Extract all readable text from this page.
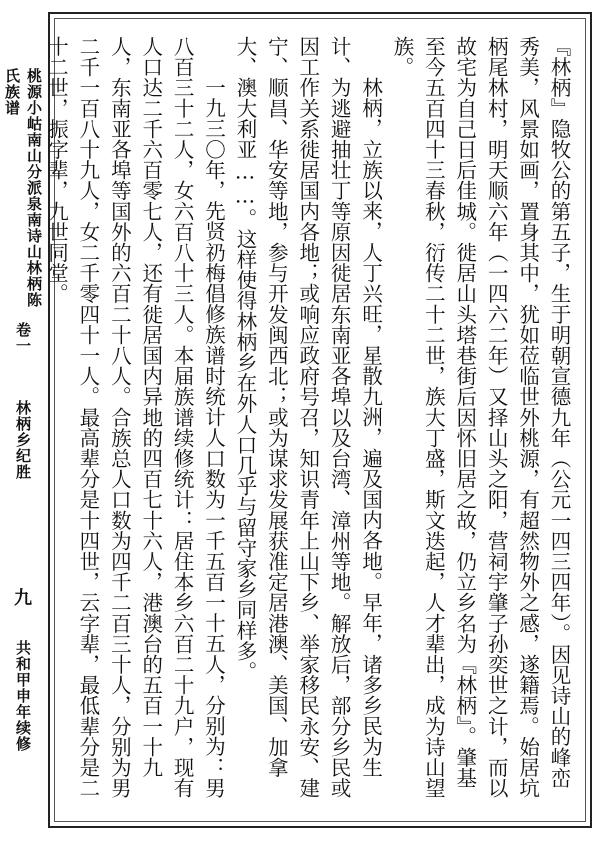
桃源小岵南山分派泉南诗山林柄陈氏族谱
卷一
林柄乡纪胜
九
共和甲申年续修	『林柄』隐牧公的第五子，生于明朝宣德九年（公元一四三四年）。因见诗山的峰峦秀美，风景如画，置身其中，犹如莅临世外桃源，有超然物外之感，遂籍焉。始居坑柄尾林村，明天顺六年（一四六二年）又择山头之阳，营祠宇肇子孙奕世之计，而以故宅为自己日后佳城。徙居山头塔巷街后因怀旧居之故，仍立乡名为『林柄』。肇基至今五百四十三春秋，衍传二十二世，族大丁盛，斯文迭起，人才辈出，成为诗山望族。

林柄，立族以来，人丁兴旺，星散九洲，遍及国内各地。早年，诸多乡民为生计、为逃避抽壮丁等原因徙居东南亚各埠以及台湾、漳州等地。解放后，部分乡民或因工作关系徙居国内各地；或响应政府号召，知识青年上山下乡、举家移民永安、建宁、顺昌、华安等地，参与开发闽西北；或为谋求发展获准定居港澳、美国、加拿大、澳大利亚……。这样使得林柄乡在外人口几乎与留守家乡同样多。

一九三〇年，先贤礽梅倡修族谱时统计人口数为一千五百一十五人，分别为：男八百三十二人，女六百八十三人。本届族谱续修统计：居住本乡六百二十九户，现有人口达二千六百零七人，还有徙居国内异地的四百七十六人，港澳台的五百一十九人，东南亚各埠等国外的六百二十八人。合族总人口数为四千二百三十人，分别为男二千一百八十九人，女二千零四十一人。最高辈分是十四世，云字辈，最低辈分是二十二世，振字辈，九世同堂。
